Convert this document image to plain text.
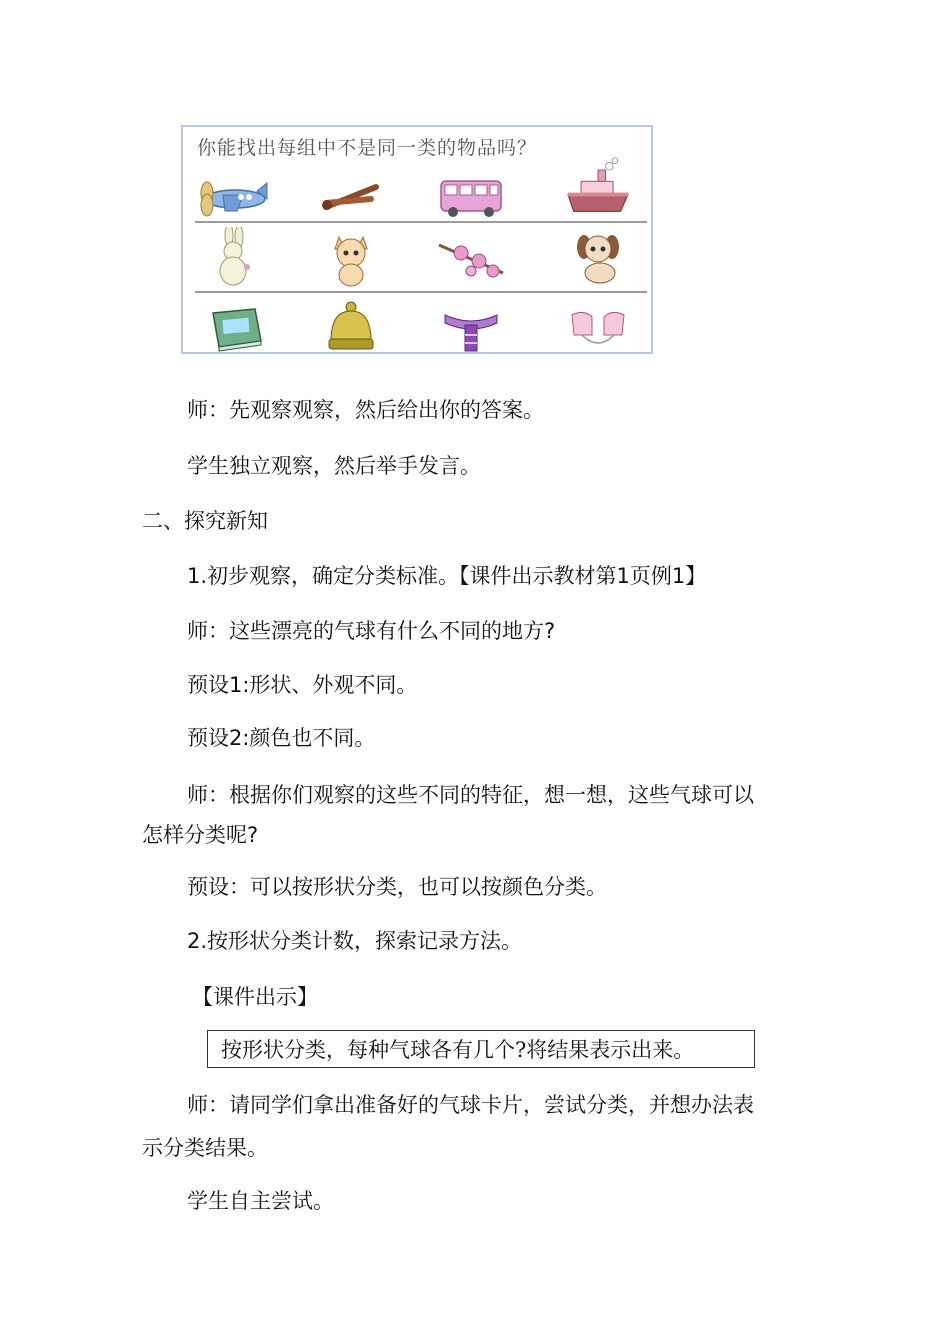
你能找出每组中不是同一类的物品吗？
师：先观察观察，然后给出你的答案。
学生独立观察，然后举手发言。
二、探究新知
1.初步观察，确定分类标准。【课件出示教材第1页例1】
师：这些漂亮的气球有什么不同的地方?
预设1:形状、外观不同。
预设2:颜色也不同。
师：根据你们观察的这些不同的特征，想一想，这些气球可以
怎样分类呢?
预设：可以按形状分类，也可以按颜色分类。
2.按形状分类计数，探索记录方法。
【课件出示】
按形状分类，每种气球各有几个?将结果表示出来。
师：请同学们拿出准备好的气球卡片，尝试分类，并想办法表
示分类结果。
学生自主尝试。
